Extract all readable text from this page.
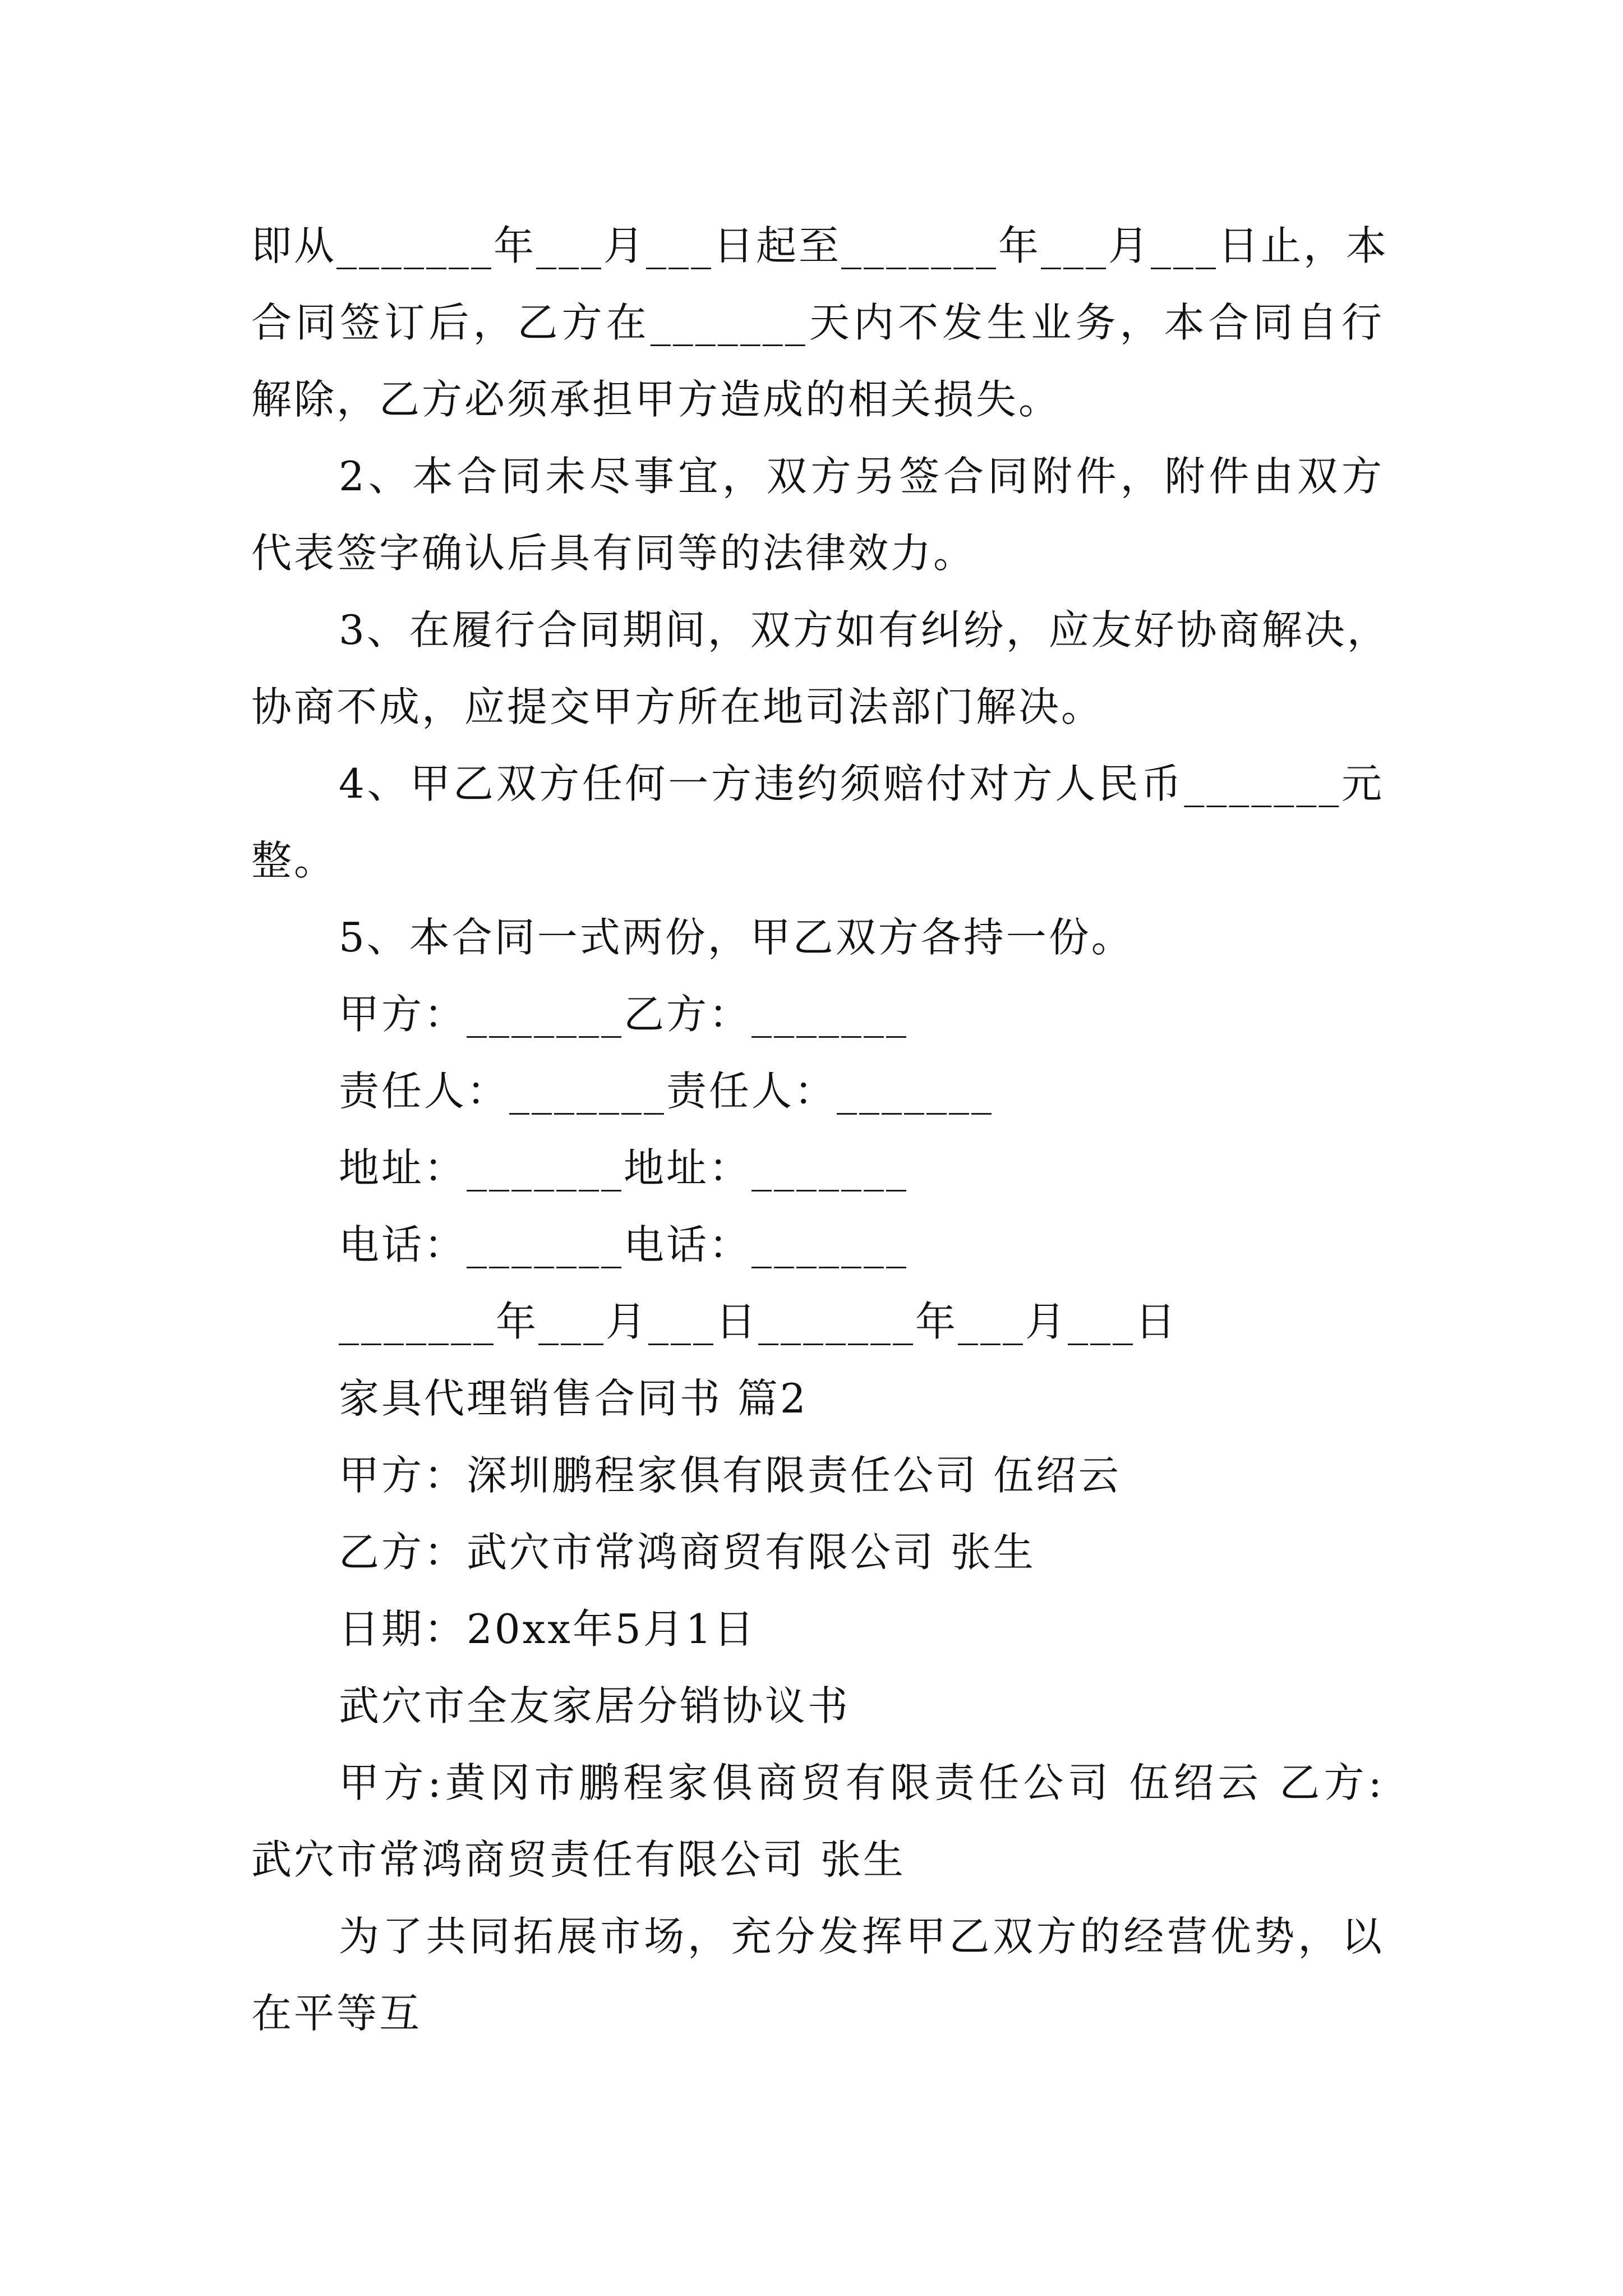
即从_______年___月___日起至_______年___月___日止，本
合同签订后，乙方在_______天内不发生业务，本合同自行
解除，乙方必须承担甲方造成的相关损失。
2、本合同未尽事宜，双方另签合同附件，附件由双方
代表签字确认后具有同等的法律效力。
3、在履行合同期间，双方如有纠纷，应友好协商解决，
协商不成，应提交甲方所在地司法部门解决。
4、甲乙双方任何一方违约须赔付对方人民币_______元
整。
5、本合同一式两份，甲乙双方各持一份。
甲方：_______乙方：_______
责任人：_______责任人：_______
地址：_______地址：_______
电话：_______电话：_______
_______年___月___日_______年___月___日
家具代理销售合同书 篇2
甲方：深圳鹏程家俱有限责任公司 伍绍云
乙方：武穴市常鸿商贸有限公司 张生
日期：20xx年5月1日
武穴市全友家居分销协议书
甲方:黄冈市鹏程家俱商贸有限责任公司 伍绍云 乙方:
武穴市常鸿商贸责任有限公司 张生
为了共同拓展市场，充分发挥甲乙双方的经营优势，以
在平等互
